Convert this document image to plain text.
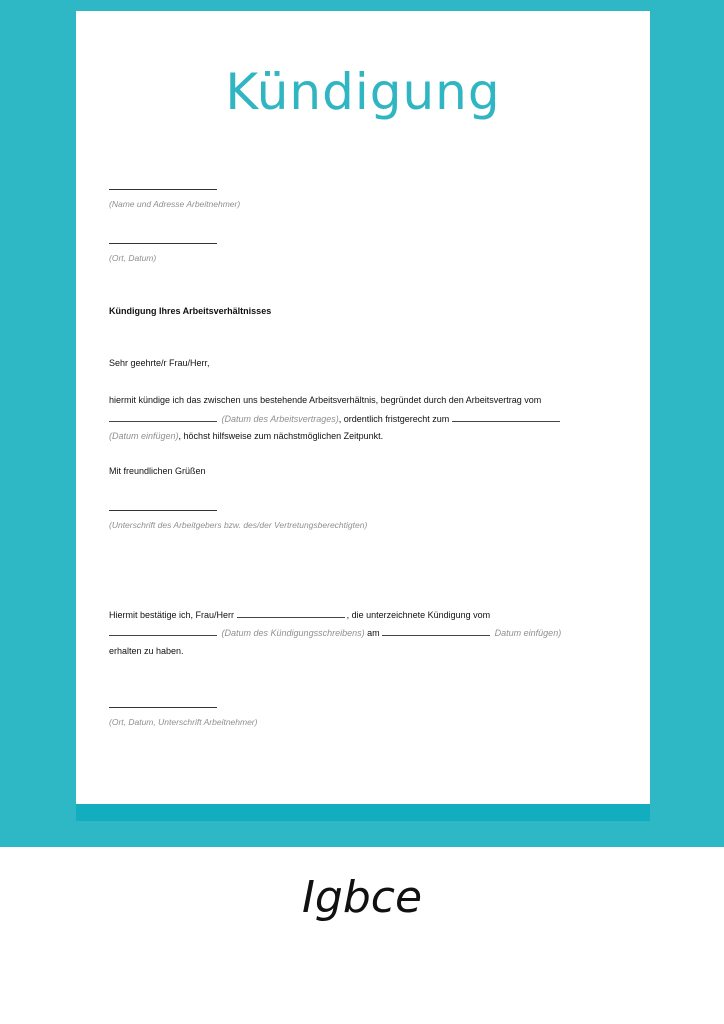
Kündigung
(Name und Adresse Arbeitnehmer)
(Ort, Datum)
Kündigung Ihres Arbeitsverhältnisses
Sehr geehrte/r Frau/Herr,
hiermit kündige ich das zwischen uns bestehende Arbeitsverhältnis, begründet durch den Arbeitsvertrag vom
(Datum des Arbeitsvertrages), ordentlich fristgerecht zum
(Datum einfügen), höchst hilfsweise zum nächstmöglichen Zeitpunkt.
Mit freundlichen Grüßen
(Unterschrift des Arbeitgebers bzw. des/der Vertretungsberechtigten)
Hiermit bestätige ich, Frau/Herr	, die unterzeichnete Kündigung vom
(Datum des Kündigungsschreibens) am	Datum einfügen)
erhalten zu haben.
(Ort, Datum, Unterschrift Arbeitnehmer)
Igbce
